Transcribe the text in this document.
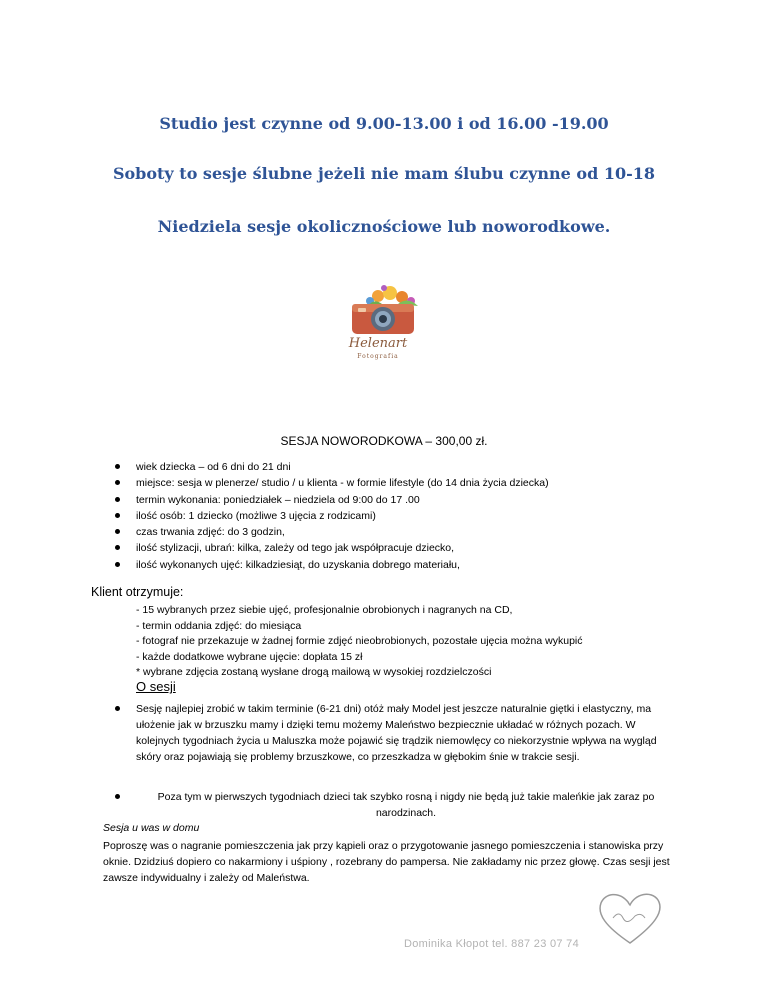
Studio jest czynne od 9.00-13.00 i od 16.00 -19.00
Soboty to sesje ślubne jeżeli nie mam ślubu czynne od 10-18
Niedziela sesje okolicznościowe lub noworodkowe.
Helenart
Fotografia
SESJA NOWORODKOWA – 300,00 zł.
wiek dziecka – od 6 dni do 21 dni
miejsce: sesja w plenerze/ studio / u klienta - w formie lifestyle (do 14 dnia życia dziecka)
termin wykonania: poniedziałek – niedziela od 9:00 do 17 .00
ilość osób: 1 dziecko (możliwe 3 ujęcia z rodzicami)
czas trwania zdjęć: do 3 godzin,
ilość stylizacji, ubrań: kilka, zależy od tego jak współpracuje dziecko,
ilość wykonanych ujęć: kilkadziesiąt, do uzyskania dobrego materiału,
Klient otrzymuje:
- 15 wybranych przez siebie ujęć, profesjonalnie obrobionych i nagranych na CD,
- termin oddania zdjęć: do miesiąca
- fotograf nie przekazuje w żadnej formie zdjęć nieobrobionych, pozostałe ujęcia można wykupić
- każde dodatkowe wybrane ujęcie: dopłata 15 zł
* wybrane zdjęcia zostaną wysłane drogą mailową w wysokiej rozdzielczości
O sesji
Sesję najlepiej zrobić w takim terminie (6-21 dni) otóż mały Model jest jeszcze naturalnie giętki i elastyczny, ma ułożenie jak w brzuszku mamy i dzięki temu możemy Maleństwo bezpiecznie układać w różnych pozach. W kolejnych tygodniach życia u Maluszka może pojawić się trądzik niemowlęcy co niekorzystnie wpływa na wygląd skóry oraz pojawiają się problemy brzuszkowe, co przeszkadza w głębokim śnie w trakcie sesji.
Poza tym w pierwszych tygodniach dzieci tak szybko rosną i nigdy nie będą już takie maleńkie jak zaraz po narodzinach.
Sesja u was w domu
Poproszę was o nagranie pomieszczenia jak przy kąpieli oraz o przygotowanie jasnego pomieszczenia i stanowiska przy oknie. Dzidziuś dopiero co nakarmiony i uśpiony , rozebrany do pampersa. Nie zakładamy nic przez głowę. Czas sesji jest zawsze indywidualny i zależy od Maleństwa.
Dominika Kłopot tel. 887 23 07 74
